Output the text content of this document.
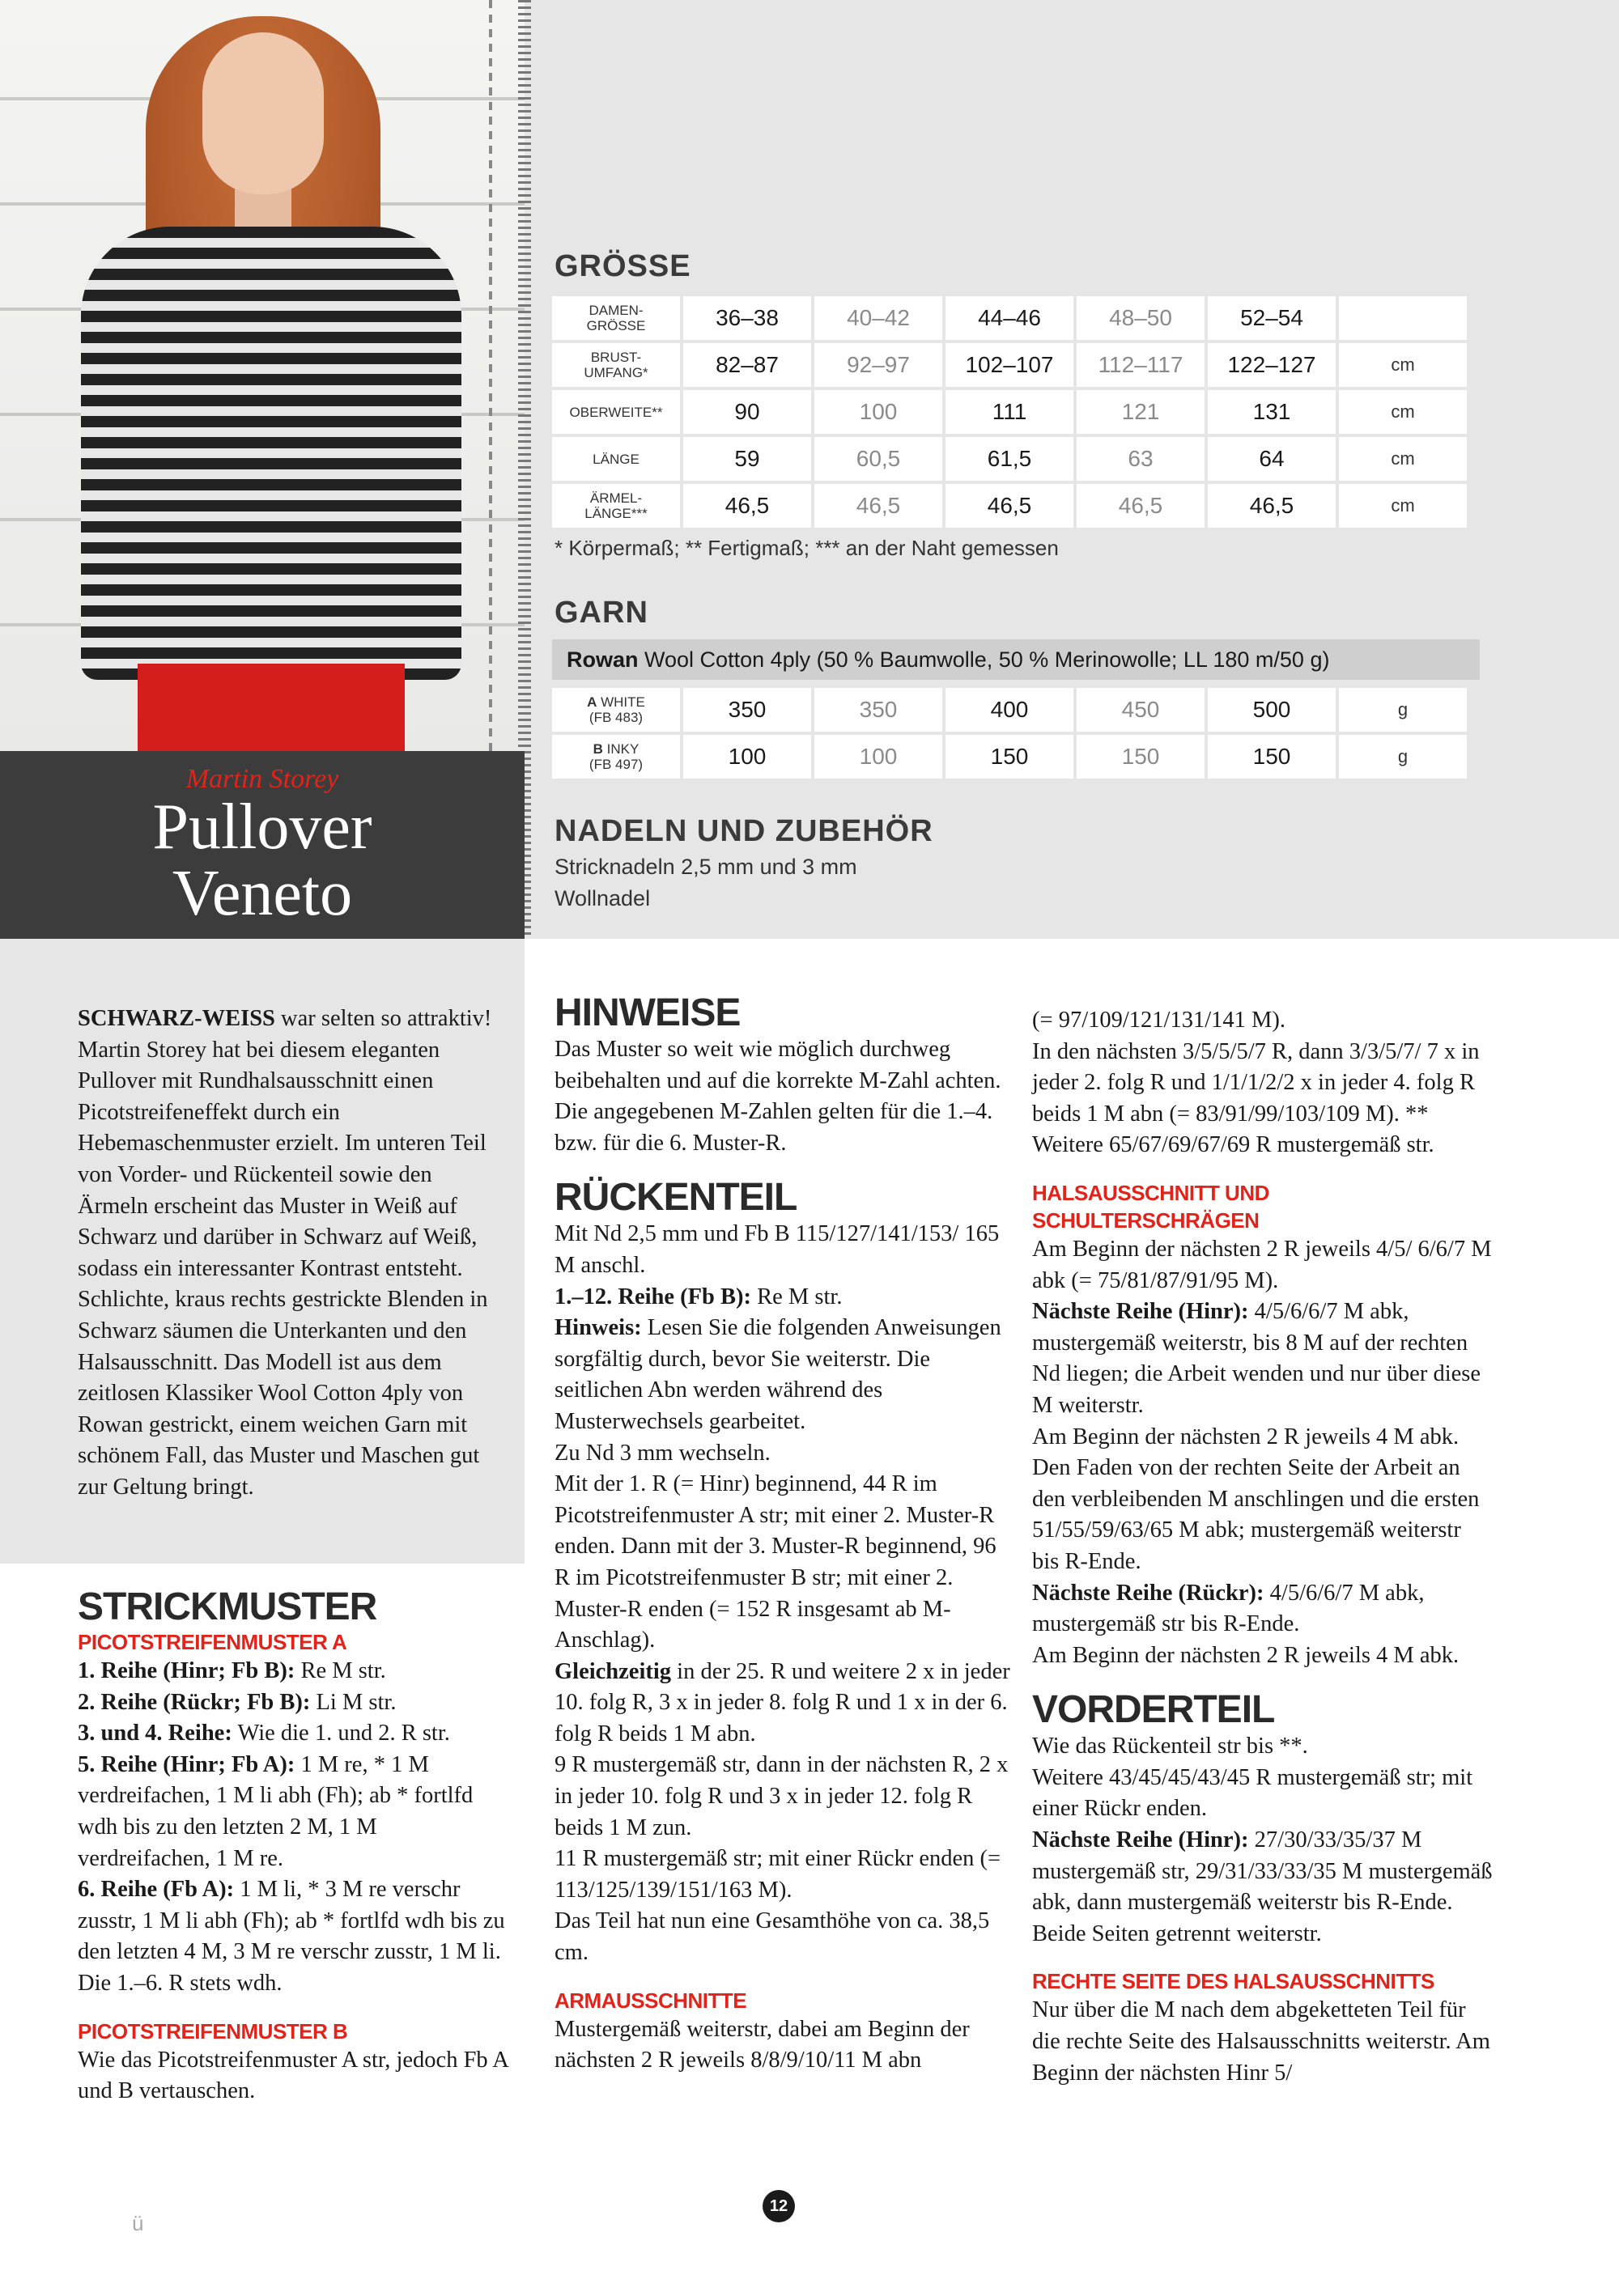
Martin Storey
Pullover
Veneto
GRÖSSE
DAMEN-
GRÖSSE	36–38	40–42	44–46	48–50	52–54	
BRUST-
UMFANG*	82–87	92–97	102–107	112–117	122–127	cm
OBERWEITE**	90	100	111	121	131	cm
LÄNGE	59	60,5	61,5	63	64	cm
ÄRMEL-
LÄNGE***	46,5	46,5	46,5	46,5	46,5	cm
* Körpermaß; ** Fertigmaß; *** an der Naht gemessen
GARN
Rowan Wool Cotton 4ply (50 % Baumwolle, 50 % Merinowolle; LL 180 m/50 g)
A WHITE
(FB 483)	350	350	400	450	500	g
B INKY
(FB 497)	100	100	150	150	150	g
NADELN UND ZUBEHÖR
Stricknadeln 2,5 mm und 3 mm
Wollnadel

SCHWARZ-WEISS war selten so attraktiv! Martin Storey hat bei diesem eleganten Pullover mit Rundhalsausschnitt einen Picotstreifeneffekt durch ein Hebemaschenmuster erzielt. Im unteren Teil von Vorder- und Rückenteil sowie den Ärmeln erscheint das Muster in Weiß auf Schwarz und darüber in Schwarz auf Weiß, sodass ein interessanter Kontrast entsteht. Schlichte, kraus rechts gestrickte Blenden in Schwarz säumen die Unterkanten und den Halsausschnitt. Das Modell ist aus dem zeitlosen Klassiker Wool Cotton 4ply von Rowan gestrickt, einem weichen Garn mit schönem Fall, das Muster und Maschen gut zur Geltung bringt.

STRICKMUSTER
PICOTSTREIFENMUSTER A

1. Reihe (Hinr; Fb B): Re M str.

2. Reihe (Rückr; Fb B): Li M str.

3. und 4. Reihe: Wie die 1. und 2. R str.

5. Reihe (Hinr; Fb A): 1 M re, * 1 M verdreifachen, 1 M li abh (Fh); ab * fortlfd wdh bis zu den letzten 2 M, 1 M verdreifachen, 1 M re.

6. Reihe (Fb A): 1 M li, * 3 M re verschr zusstr, 1 M li abh (Fh); ab * fortlfd wdh bis zu den letzten 4 M, 3 M re verschr zusstr, 1 M li. Die 1.–6. R stets wdh.

PICOTSTREIFENMUSTER B
Wie das Picotstreifenmuster A str, jedoch Fb A und B vertauschen.
HINWEISE

Das Muster so weit wie möglich durchweg beibehalten und auf die korrekte M-Zahl achten.

Die angegebenen M-Zahlen gelten für die 1.–4. bzw. für die 6. Muster-R.

RÜCKENTEIL

Mit Nd 2,5 mm und Fb B 115/127/141/153/ 165 M anschl.

1.–12. Reihe (Fb B): Re M str.

Hinweis: Lesen Sie die folgenden Anweisungen sorgfältig durch, bevor Sie weiterstr. Die seitlichen Abn werden während des Musterwechsels gearbeitet.

Zu Nd 3 mm wechseln.

Mit der 1. R (= Hinr) beginnend, 44 R im Picotstreifenmuster A str; mit einer 2. Muster-R enden. Dann mit der 3. Muster-R beginnend, 96 R im Picotstreifenmuster B str; mit einer 2. Muster-R enden (= 152 R insgesamt ab M-Anschlag).

Gleichzeitig in der 25. R und weitere 2 x in jeder 10. folg R, 3 x in jeder 8. folg R und 1 x in der 6. folg R beids 1 M abn.

9 R mustergemäß str, dann in der nächsten R, 2 x in jeder 10. folg R und 3 x in jeder 12. folg R beids 1 M zun.

11 R mustergemäß str; mit einer Rückr enden (= 113/125/139/151/163 M).

Das Teil hat nun eine Gesamthöhe von ca. 38,5 cm.

ARMAUSSCHNITTE

Mustergemäß weiterstr, dabei am Beginn der nächsten 2 R jeweils 8/8/9/10/11 M abn

(= 97/109/121/131/141 M).

In den nächsten 3/5/5/5/7 R, dann 3/3/5/7/ 7 x in jeder 2. folg R und 1/1/1/2/2 x in jeder 4. folg R beids 1 M abn (= 83/91/99/103/109 M). **

Weitere 65/67/69/67/69 R mustergemäß str.

HALSAUSSCHNITT UND SCHULTERSCHRÄGEN

Am Beginn der nächsten 2 R jeweils 4/5/ 6/6/7 M abk (= 75/81/87/91/95 M).

Nächste Reihe (Hinr): 4/5/6/6/7 M abk, mustergemäß weiterstr, bis 8 M auf der rechten Nd liegen; die Arbeit wenden und nur über diese M weiterstr.

Am Beginn der nächsten 2 R jeweils 4 M abk. Den Faden von der rechten Seite der Arbeit an den verbleibenden M anschlingen und die ersten 51/55/59/63/65 M abk; mustergemäß weiterstr bis R-Ende.

Nächste Reihe (Rückr): 4/5/6/6/7 M abk, mustergemäß str bis R-Ende.

Am Beginn der nächsten 2 R jeweils 4 M abk.

VORDERTEIL

Wie das Rückenteil str bis **.

Weitere 43/45/45/43/45 R mustergemäß str; mit einer Rückr enden.

Nächste Reihe (Hinr): 27/30/33/35/37 M mustergemäß str, 29/31/33/33/35 M mustergemäß abk, dann mustergemäß weiterstr bis R-Ende. Beide Seiten getrennt weiterstr.

RECHTE SEITE DES HALSAUSSCHNITTS

Nur über die M nach dem abgeketteten Teil für die rechte Seite des Halsausschnitts weiterstr. Am Beginn der nächsten Hinr 5/

ü
12
